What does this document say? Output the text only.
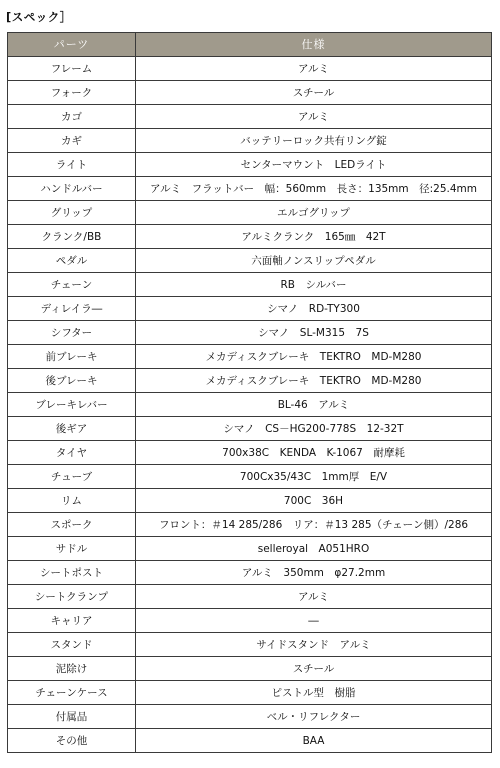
[スペック］
パーツ	仕様
フレーム	アルミ
フォーク	スチール
カゴ	アルミ
カギ	バッテリーロック共有リング錠
ライト	センターマウント　LEDライト
ハンドルバー	アルミ　フラットバー　幅：560mm　長さ：135mm　径:25.4mm
グリップ	エルゴグリップ
クランク/BB	アルミクランク　165㎜　42T
ペダル	六面軸ノンスリップペダル
チェーン	RB　シルバー
ディレイラ―	シマノ　RD-TY300
シフター	シマノ　SL-M315　7S
前ブレーキ	メカディスクブレーキ　TEKTRO　MD-M280
後ブレーキ	メカディスクブレーキ　TEKTRO　MD-M280
ブレーキレバー	BL-46　アルミ
後ギア	シマノ　CS－HG200-778S　12-32T
タイヤ	700x38C　KENDA　K-1067　耐摩耗
チューブ	700Cx35/43C　1mm厚　E/V
リム	700C　36H
スポーク	フロント：＃14 285/286　リア：＃13 285（チェーン側）/286
サドル	selleroyal　A051HRO
シートポスト	アルミ　350mm　φ27.2mm
シートクランプ	アルミ
キャリア	―
スタンド	サイドスタンド　アルミ
泥除け	スチール
チェーンケース	ピストル型　樹脂
付属品	ベル・リフレクター
その他	BAA
